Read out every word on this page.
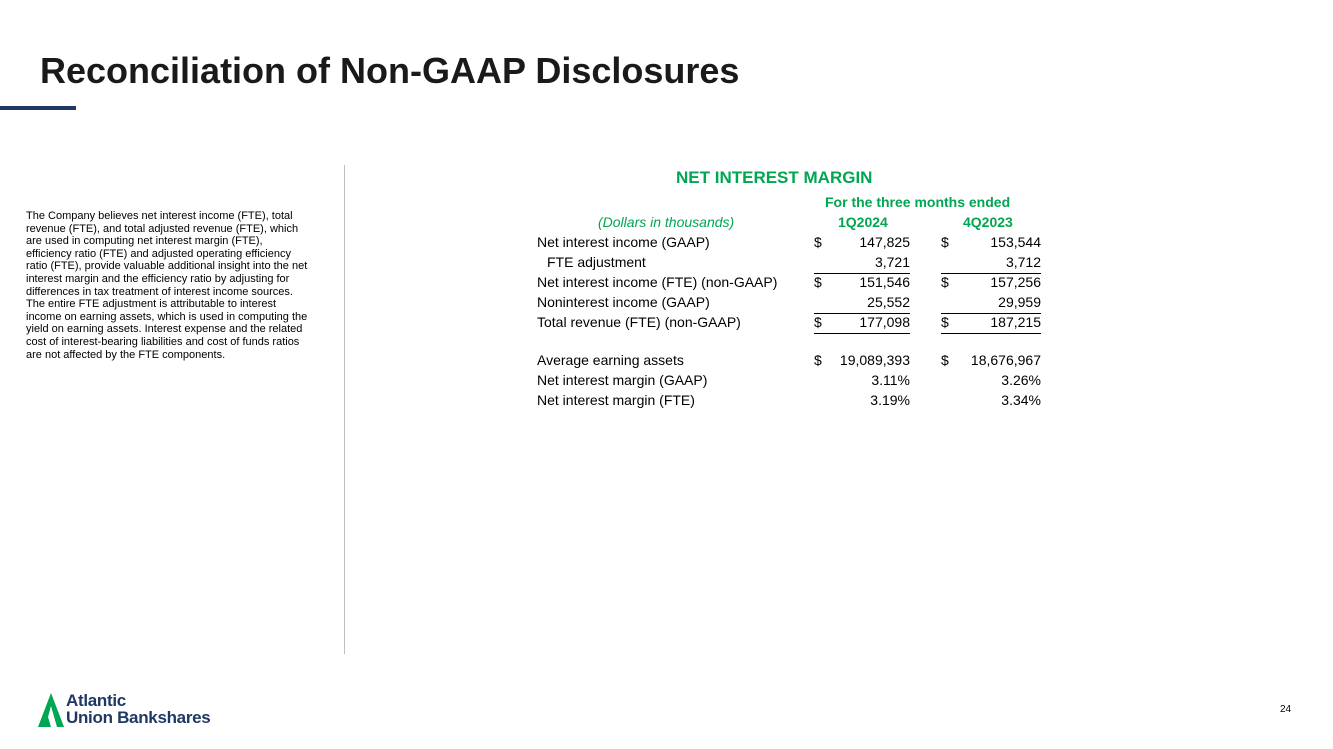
Reconciliation of Non-GAAP Disclosures
The Company believes net interest income (FTE), total revenue (FTE), and total adjusted revenue (FTE), which are used in computing net interest margin (FTE), efficiency ratio (FTE) and adjusted operating efficiency ratio (FTE), provide valuable additional insight into the net interest margin and the efficiency ratio by adjusting for differences in tax treatment of interest income sources. The entire FTE adjustment is attributable to interest income on earning assets, which is used in computing the yield on earning assets. Interest expense and the related cost of interest-bearing liabilities and cost of funds ratios are not affected by the FTE components.
NET INTEREST MARGIN
For the three months ended
(Dollars in thousands)	1Q2024	4Q2023
Net interest income (GAAP)	$	147,825 $	153,544
FTE adjustment	3,721	3,712
Net interest income (FTE) (non-GAAP)	$	151,546 $	157,256
Noninterest income (GAAP)	25,552	29,959
Total revenue (FTE) (non-GAAP)	$	177,098 $	187,215
Average earning assets	$ 19,089,393 $ 18,676,967
Net interest margin (GAAP)	3.11%	3.26%
Net interest margin (FTE)	3.19%	3.34%
Atlantic
Union Bankshares	24
